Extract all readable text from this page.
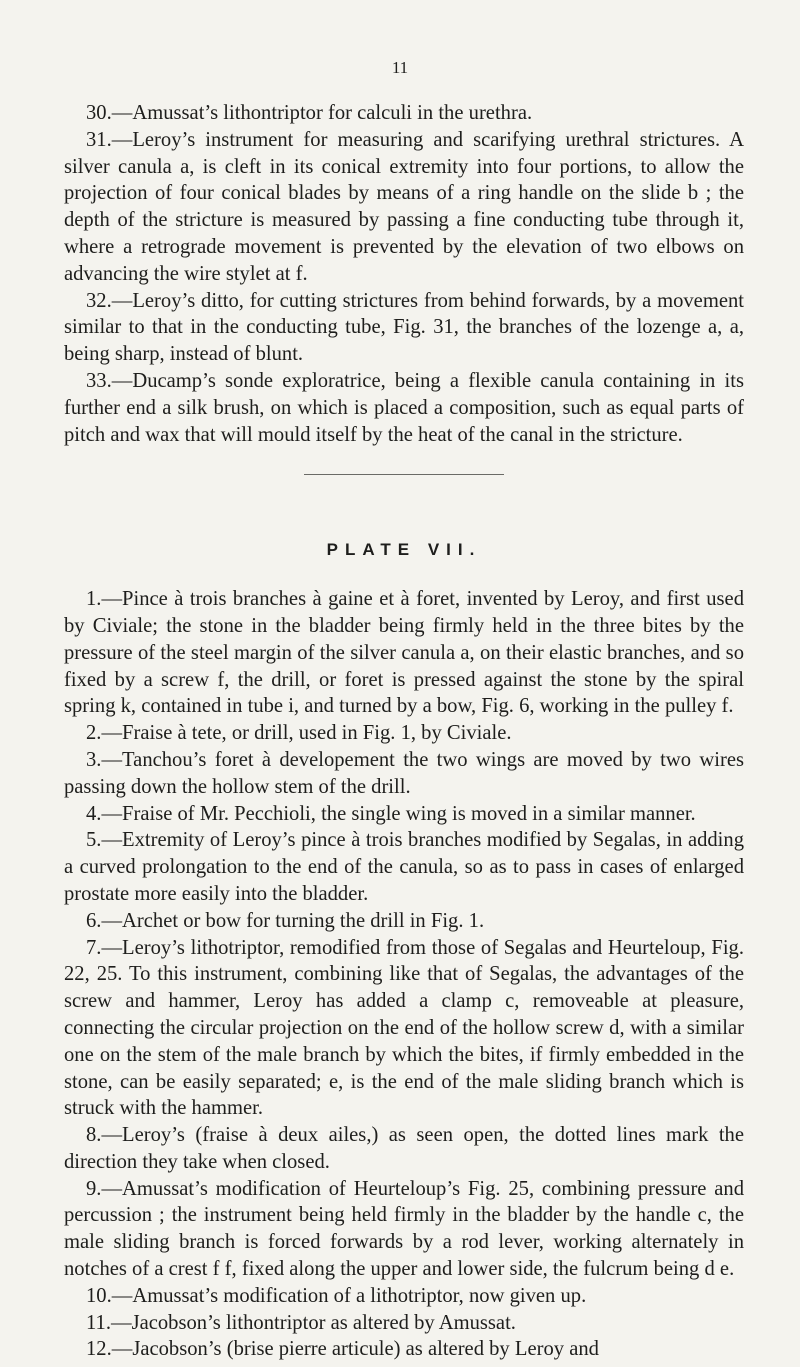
11

30.—Amussat’s lithontriptor for calculi in the urethra.

31.—Leroy’s instrument for measuring and scarifying urethral strictures. A silver canula a, is cleft in its conical extremity into four portions, to allow the projection of four conical blades by means of a ring handle on the slide b ; the depth of the stricture is measured by passing a fine conducting tube through it, where a retrograde movement is prevented by the elevation of two elbows on advancing the wire stylet at f.

32.—Leroy’s ditto, for cutting strictures from behind forwards, by a movement similar to that in the conducting tube, Fig. 31, the branches of the lozenge a, a, being sharp, instead of blunt.

33.—Ducamp’s sonde exploratrice, being a flexible canula containing in its further end a silk brush, on which is placed a composition, such as equal parts of pitch and wax that will mould itself by the heat of the canal in the stricture.

PLATE VII.

1.—Pince à trois branches à gaine et à foret, invented by Leroy, and first used by Civiale; the stone in the bladder being firmly held in the three bites by the pressure of the steel margin of the silver canula a, on their elastic branches, and so fixed by a screw f, the drill, or foret is pressed against the stone by the spiral spring k, contained in tube i, and turned by a bow, Fig. 6, working in the pulley f.

2.—Fraise à tete, or drill, used in Fig. 1, by Civiale.

3.—Tanchou’s foret à developement the two wings are moved by two wires passing down the hollow stem of the drill.

4.—Fraise of Mr. Pecchioli, the single wing is moved in a similar manner.

5.—Extremity of Leroy’s pince à trois branches modified by Segalas, in adding a curved prolongation to the end of the canula, so as to pass in cases of enlarged prostate more easily into the bladder.

6.—Archet or bow for turning the drill in Fig. 1.

7.—Leroy’s lithotriptor, remodified from those of Segalas and Heurteloup, Fig. 22, 25. To this instrument, combining like that of Segalas, the advantages of the screw and hammer, Leroy has added a clamp c, removeable at pleasure, connecting the circular projection on the end of the hollow screw d, with a similar one on the stem of the male branch by which the bites, if firmly embedded in the stone, can be easily separated; e, is the end of the male sliding branch which is struck with the hammer.

8.—Leroy’s (fraise à deux ailes,) as seen open, the dotted lines mark the direction they take when closed.

9.—Amussat’s modification of Heurteloup’s Fig. 25, combining pressure and percussion ; the instrument being held firmly in the bladder by the handle c, the male sliding branch is forced forwards by a rod lever, working alternately in notches of a crest f f, fixed along the upper and lower side, the fulcrum being d e.

10.—Amussat’s modification of a lithotriptor, now given up.

11.—Jacobson’s lithontriptor as altered by Amussat.

12.—Jacobson’s (brise pierre articule) as altered by Leroy and
